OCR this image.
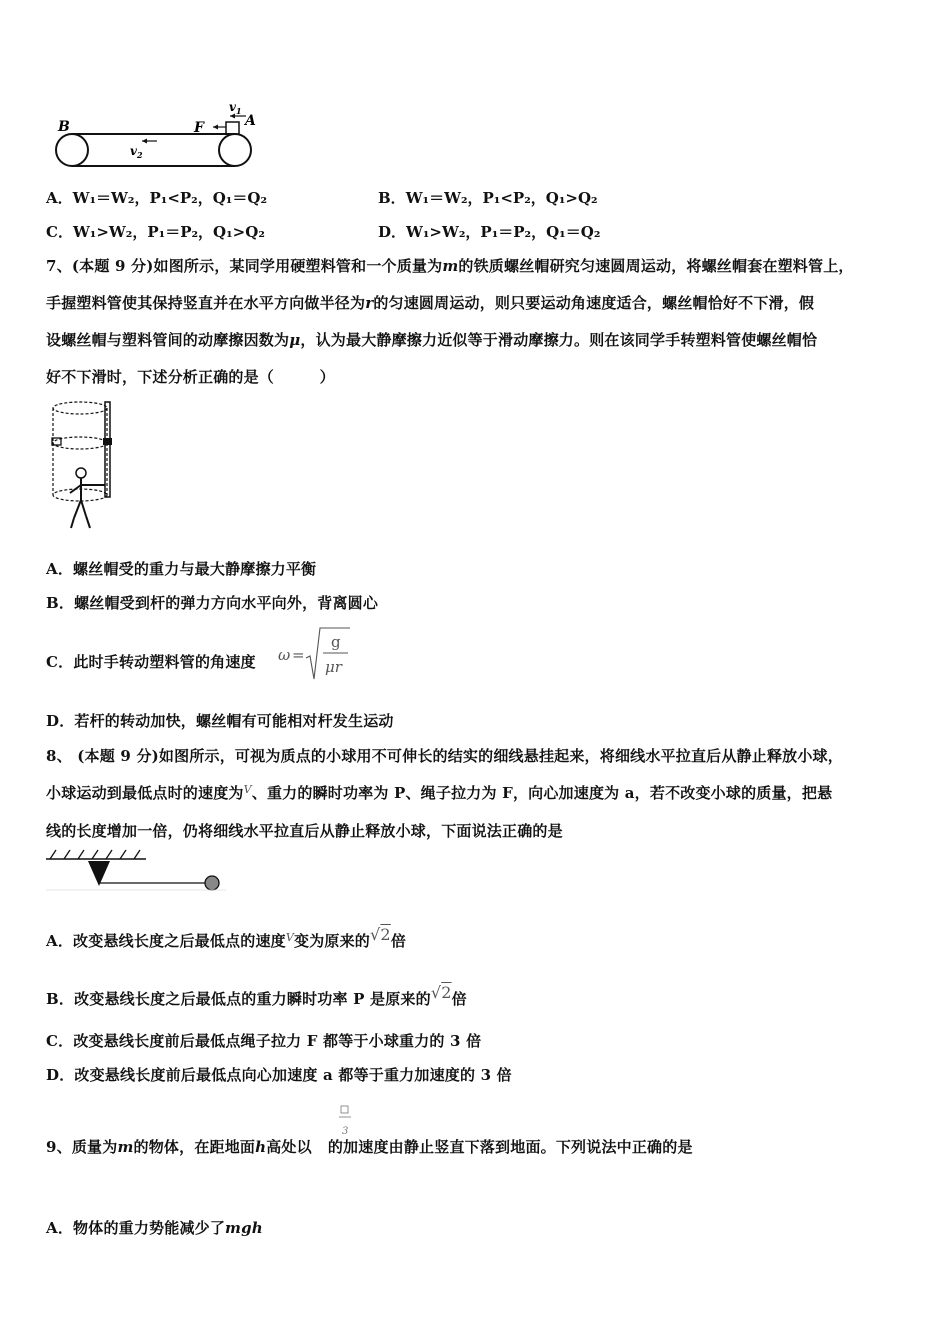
B	F	A
$v_1$
$v_2$
A．W₁＝W₂，P₁<P₂，Q₁＝Q₂	B．W₁＝W₂，P₁<P₂，Q₁>Q₂
C．W₁>W₂，P₁＝P₂，Q₁>Q₂	D．W₁>W₂，P₁＝P₂，Q₁＝Q₂
7、(本题 9 分)如图所示，某同学用硬塑料管和一个质量为m的铁质螺丝帽研究匀速圆周运动，将螺丝帽套在塑料管上，
手握塑料管使其保持竖直并在水平方向做半径为r的匀速圆周运动，则只要运动角速度适合，螺丝帽恰好不下滑，假
设螺丝帽与塑料管间的动摩擦因数为μ，认为最大静摩擦力近似等于滑动摩擦力。则在该同学手转塑料管使螺丝帽恰
好不下滑时，下述分析正确的是（　　　）
A．螺丝帽受的重力与最大静摩擦力平衡
B．螺丝帽受到杆的弹力方向水平向外，背离圆心
C．此时手转动塑料管的角速度 ω =
g
μr
D．若杆的转动加快，螺丝帽有可能相对杆发生运动
8、 (本题 9 分)如图所示，可视为质点的小球用不可伸长的结实的细线悬挂起来，将细线水平拉直后从静止释放小球，
小球运动到最低点时的速度为$^V$、重力的瞬时功率为 P、绳子拉力为 F，向心加速度为 a，若不改变小球的质量，把悬
线的长度增加一倍，仍将细线水平拉直后从静止释放小球，下面说法正确的是
A．改变悬线长度之后最低点的速度$^V$变为原来的√2倍
B．改变悬线长度之后最低点的重力瞬时功率 P 是原来的√2倍
C．改变悬线长度前后最低点绳子拉力 F 都等于小球重力的 3 倍
D．改变悬线长度前后最低点向心加速度 a 都等于重力加速度的 3 倍
3
9、质量为m的物体，在距地面h高处以 的加速度由静止竖直下落到地面。下列说法中正确的是
A．物体的重力势能减少了mgh
